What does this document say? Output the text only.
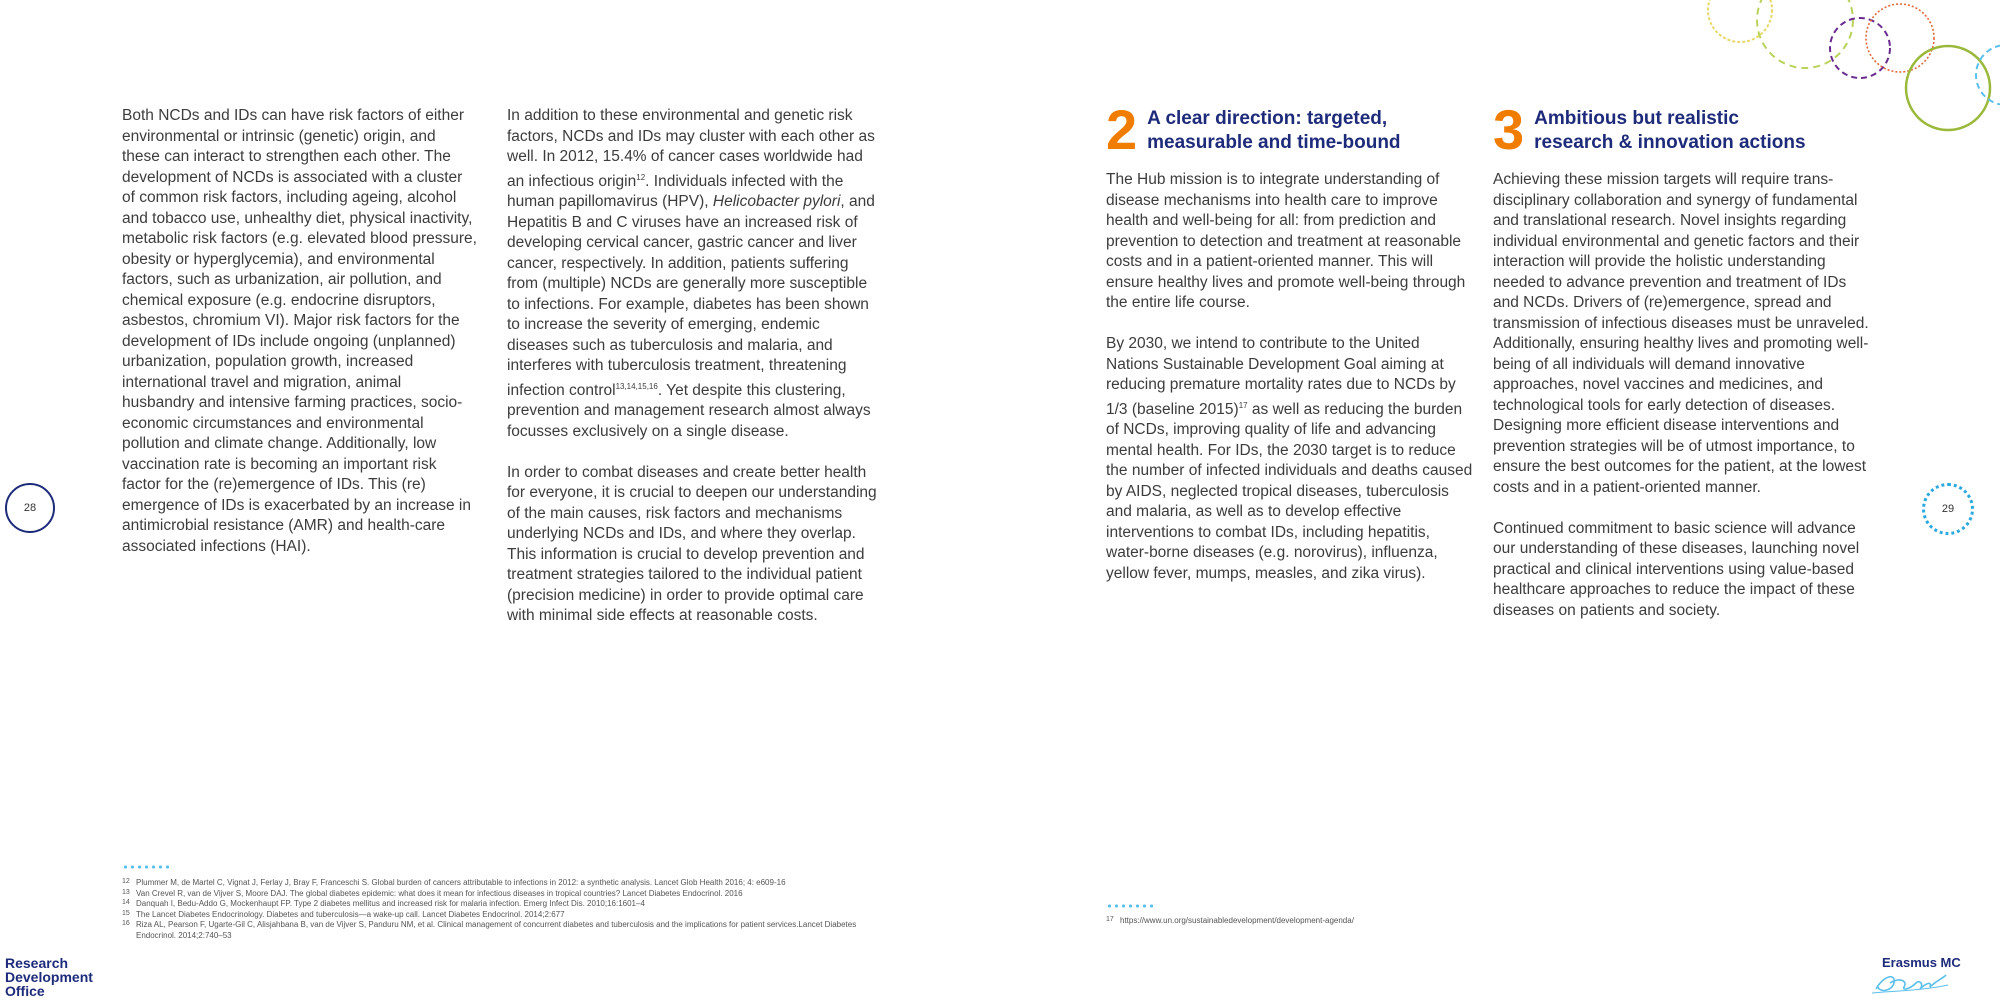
Both NCDs and IDs can have risk factors of either environmental or intrinsic (genetic) origin, and these can interact to strengthen each other. The development of NCDs is associated with a cluster of common risk factors, including ageing, alcohol and tobacco use, unhealthy diet, physical inactivity, metabolic risk factors (e.g. elevated blood pressure, obesity or hyperglycemia), and environmental factors, such as urbanization, air pollution, and chemical exposure (e.g. endocrine disruptors, asbestos, chromium VI). Major risk factors for the development of IDs include ongoing (unplanned) urbanization, population growth, increased international travel and migration, animal husbandry and intensive farming practices, socio-economic circumstances and environmental pollution and climate change. Additionally, low vaccination rate is becoming an important risk factor for the (re)emergence of IDs. This (re) emergence of IDs is exacerbated by an increase in antimicrobial resistance (AMR) and health-care associated infections (HAI).

In addition to these environmental and genetic risk factors, NCDs and IDs may cluster with each other as well. In 2012, 15.4% of cancer cases worldwide had an infectious origin$^{12}$. Individuals infected with the human papillomavirus (HPV), Helicobacter pylori, and Hepatitis B and C viruses have an increased risk of developing cervical cancer, gastric cancer and liver cancer, respectively. In addition, patients suffering from (multiple) NCDs are generally more susceptible to infections. For example, diabetes has been shown to increase the severity of emerging, endemic diseases such as tuberculosis and malaria, and interferes with tuberculosis treatment, threatening infection control$^{13,14,15,16}$. Yet despite this clustering, prevention and management research almost always focusses exclusively on a single disease.

In order to combat diseases and create better health for everyone, it is crucial to deepen our understanding of the main causes, risk factors and mechanisms underlying NCDs and IDs, and where they overlap. This information is crucial to develop prevention and treatment strategies tailored to the individual patient (precision medicine) in order to provide optimal care with minimal side effects at reasonable costs.

28
12 Plummer M, de Martel C, Vignat J, Ferlay J, Bray F, Franceschi S. Global burden of cancers attributable to infections in 2012: a synthetic analysis. Lancet Glob Health 2016; 4: e609-16
13 Van Crevel R, van de Vijver S, Moore DAJ. The global diabetes epidemic: what does it mean for infectious diseases in tropical countries? Lancet Diabetes Endocrinol. 2016
14 Danquah I, Bedu-Addo G, Mockenhaupt FP. Type 2 diabetes mellitus and increased risk for malaria infection. Emerg Infect Dis. 2010;16:1601–4
15 The Lancet Diabetes Endocrinology. Diabetes and tuberculosis—a wake-up call. Lancet Diabetes Endocrinol. 2014;2:677
16 Riza AL, Pearson F, Ugarte-Gil C, Alisjahbana B, van de Vijver S, Panduru NM, et al. Clinical management of concurrent diabetes and tuberculosis and the implications for patient services.Lancet Diabetes Endocrinol. 2014;2:740–53
Research
Development
Office
2 A clear direction: targeted,
measurable and time-bound 3 Ambitious but realistic
research & innovation actions

The Hub mission is to integrate understanding of disease mechanisms into health care to improve health and well-being for all: from prediction and prevention to detection and treatment at reasonable costs and in a patient-oriented manner. This will ensure healthy lives and promote well-being through the entire life course.

By 2030, we intend to contribute to the United Nations Sustainable Development Goal aiming at reducing premature mortality rates due to NCDs by 1/3 (baseline 2015)$^{17}$ as well as reducing the burden of NCDs, improving quality of life and advancing mental health. For IDs, the 2030 target is to reduce the number of infected individuals and deaths caused by AIDS, neglected tropical diseases, tuberculosis and malaria, as well as to develop effective interventions to combat IDs, including hepatitis, water-borne diseases (e.g. norovirus), influenza, yellow fever, mumps, measles, and zika virus).

Achieving these mission targets will require trans-disciplinary collaboration and synergy of fundamental and translational research. Novel insights regarding individual environmental and genetic factors and their interaction will provide the holistic understanding needed to advance prevention and treatment of IDs and NCDs. Drivers of (re)emergence, spread and transmission of infectious diseases must be unraveled. Additionally, ensuring healthy lives and promoting well-being of all individuals will demand innovative approaches, novel vaccines and medicines, and technological tools for early detection of diseases. Designing more efficient disease interventions and prevention strategies will be of utmost importance, to ensure the best outcomes for the patient, at the lowest costs and in a patient-oriented manner.

Continued commitment to basic science will advance our understanding of these diseases, launching novel practical and clinical interventions using value-based healthcare approaches to reduce the impact of these diseases on patients and society.

29
17 https://www.un.org/sustainabledevelopment/development-agenda/
Erasmus MC
